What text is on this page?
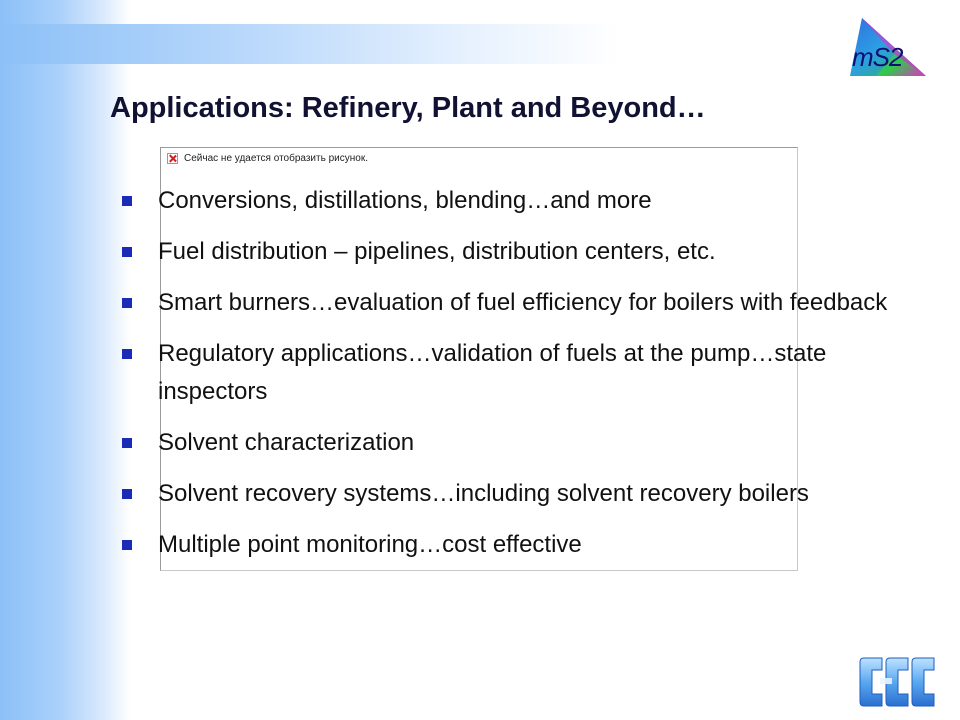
mS2
Applications: Refinery, Plant and Beyond…
Сейчас не удается отобразить рисунок.
Conversions, distillations, blending…and more
Fuel distribution – pipelines, distribution centers, etc.
Smart burners…evaluation of fuel efficiency for boilers with feedback
Regulatory applications…validation of fuels at the pump…state inspectors
Solvent characterization
Solvent recovery systems…including solvent recovery boilers
Multiple point monitoring…cost effective
